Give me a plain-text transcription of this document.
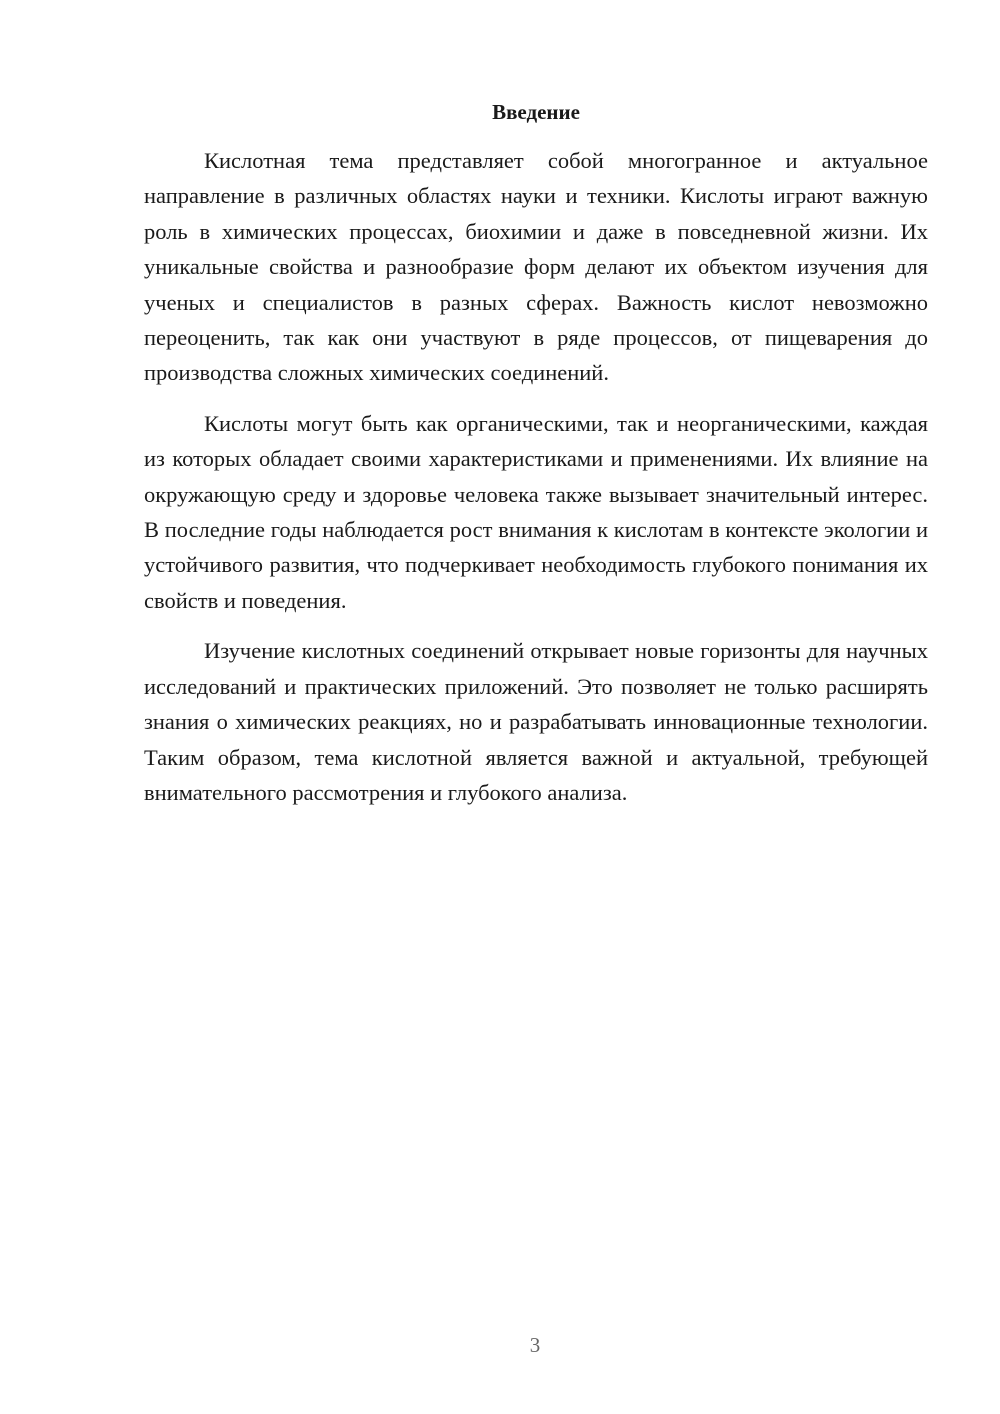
Введение

Кислотная тема представляет собой многогранное и актуальное направление в различных областях науки и техники. Кислоты играют важную роль в химических процессах, биохимии и даже в повседневной жизни. Их уникальные свойства и разнообразие форм делают их объектом изучения для ученых и специалистов в разных сферах. Важность кислот невозможно переоценить, так как они участвуют в ряде процессов, от пищеварения до производства сложных химических соединений.

Кислоты могут быть как органическими, так и неорганическими, каждая из которых обладает своими характеристиками и применениями. Их влияние на окружающую среду и здоровье человека также вызывает значительный интерес. В последние годы наблюдается рост внимания к кислотам в контексте экологии и устойчивого развития, что подчеркивает необходимость глубокого понимания их свойств и поведения.

Изучение кислотных соединений открывает новые горизонты для научных исследований и практических приложений. Это позволяет не только расширять знания о химических реакциях, но и разрабатывать инновационные технологии. Таким образом, тема кислотной является важной и актуальной, требующей внимательного рассмотрения и глубокого анализа.

3
